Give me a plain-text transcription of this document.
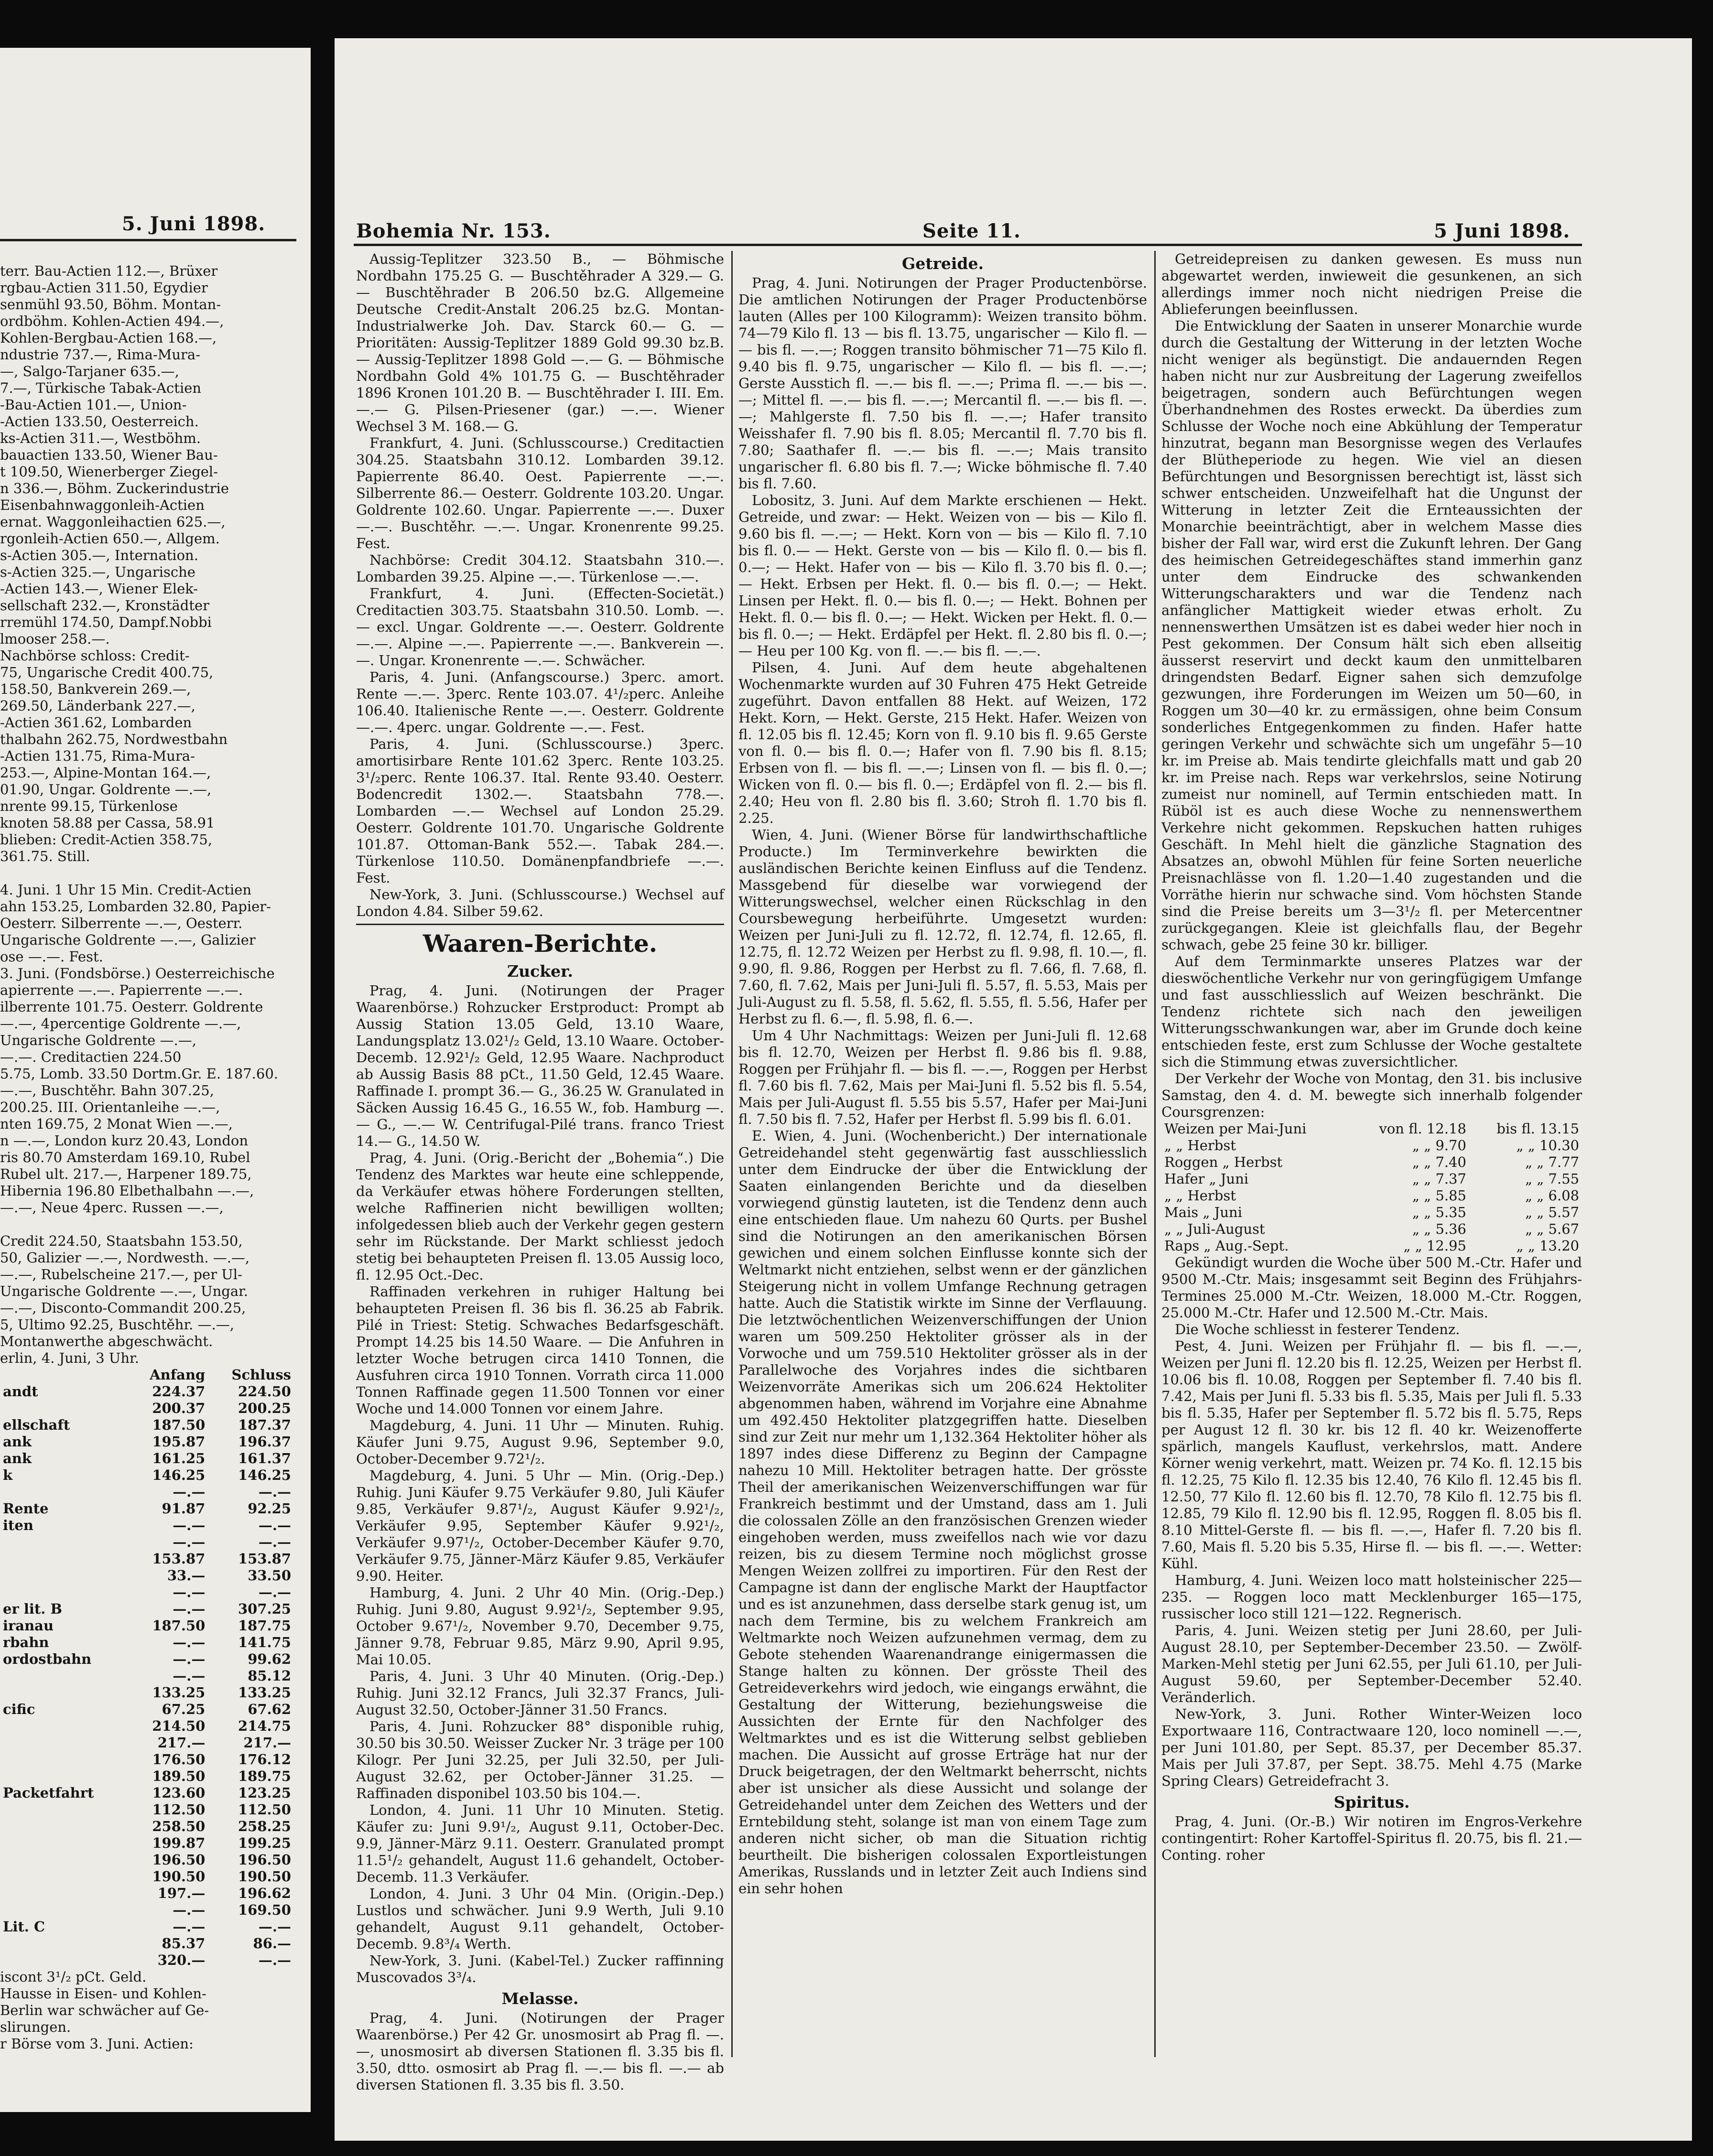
5. Juni 1898.
terr. Bau-Actien 112.—, Brüxer
rgbau-Actien 311.50, Egydier
senmühl 93.50, Böhm. Montan-
ordböhm. Kohlen-Actien 494.—,
Kohlen-Bergbau-Actien 168.—,
ndustrie 737.—, Rima-Mura-
—, Salgo-Tarjaner 635.—,
7.—, Türkische Tabak-Actien
-Bau-Actien 101.—, Union-
-Actien 133.50, Oesterreich.
ks-Actien 311.—, Westböhm.
bauactien 133.50, Wiener Bau-
t 109.50, Wienerberger Ziegel-
n 336.—, Böhm. Zuckerindustrie
Eisenbahnwaggonleih-Actien
ernat. Waggonleihactien 625.—,
rgonleih-Actien 650.—, Allgem.
s-Actien 305.—, Internation.
s-Actien 325.—, Ungarische
-Actien 143.—, Wiener Elek-
sellschaft 232.—, Kronstädter
rremühl 174.50, Dampf.Nobbi
lmooser 258.—.
Nachbörse schloss: Credit-
75, Ungarische Credit 400.75,
158.50, Bankverein 269.—,
269.50, Länderbank 227.—,
-Actien 361.62, Lombarden
thalbahn 262.75, Nordwestbahn
-Actien 131.75, Rima-Mura-
253.—, Alpine-Montan 164.—,
01.90, Ungar. Goldrente —.—,
nrente 99.15, Türkenlose
knoten 58.88 per Cassa, 58.91
blieben: Credit-Actien 358.75,
361.75. Still.

4. Juni. 1 Uhr 15 Min. Credit-Actien
ahn 153.25, Lombarden 32.80, Papier-
Oesterr. Silberrente —.—, Oesterr.
Ungarische Goldrente —.—, Galizier
ose —.—. Fest.
3. Juni. (Fondsbörse.) Oesterreichische
apierrente —.—. Papierrente —.—.
ilberrente 101.75. Oesterr. Goldrente
—.—, 4percentige Goldrente —.—,
Ungarische Goldrente —.—,
—.—. Creditactien 224.50
5.75, Lomb. 33.50 Dortm.Gr. E. 187.60.
—.—, Buschtěhr. Bahn 307.25,
200.25. III. Orientanleihe —.—,
nten 169.75, 2 Monat Wien —.—,
n —.—, London kurz 20.43, London
ris 80.70 Amsterdam 169.10, Rubel
Rubel ult. 217.—, Harpener 189.75,
Hibernia 196.80 Elbethalbahn —.—,
—.—, Neue 4perc. Russen —.—,

Credit 224.50, Staatsbahn 153.50,
50, Galizier —.—, Nordwesth. —.—,
—.—, Rubelscheine 217.—, per Ul-
Ungarische Goldrente —.—, Ungar.
—.—, Disconto-Commandit 200.25,
5, Ultimo 92.25, Buschtěhr. —.—,
Montanwerthe abgeschwächt.
erlin, 4. Juni, 3 Uhr.
	Anfang	Schluss
andt	224.37	224.50
	200.37	200.25
ellschaft	187.50	187.37
ank	195.87	196.37
ank	161.25	161.37
k	146.25	146.25
	—.—	—.—
Rente	91.87	92.25
iten	—.—	—.—
	—.—	—.—
	153.87	153.87
	33.—	33.50
	—.—	—.—
er lit. B	—.—	307.25
iranau	187.50	187.75
rbahn	—.—	141.75
ordostbahn	—.—	99.62
	—.—	85.12
	133.25	133.25
cific	67.25	67.62
	214.50	214.75
	217.—	217.—
	176.50	176.12
	189.50	189.75
Packetfahrt	123.60	123.25
	112.50	112.50
	258.50	258.25
	199.87	199.25
	196.50	196.50
	190.50	190.50
	197.—	196.62
	—.—	169.50
Lit. C	—.—	—.—
	85.37	86.—
	320.—	—.—
iscont 3¹/₂ pCt. Geld.
Hausse in Eisen- und Kohlen-
Berlin war schwächer auf Ge-
slirungen.
r Börse vom 3. Juni. Actien:
Bohemia Nr. 153.	Seite 11.	5 Juni 1898.

Aussig-Teplitzer 323.50 B., — Böhmische Nordbahn 175.25 G. — Buschtěhrader A 329.— G. — Buschtěhrader B 206.50 bz.G. Allgemeine Deutsche Credit-Anstalt 206.25 bz.G. Montan-Industrialwerke Joh. Dav. Starck 60.— G. — Prioritäten: Aussig-Teplitzer 1889 Gold 99.30 bz.B. — Aussig-Teplitzer 1898 Gold —.— G. — Böhmische Nordbahn Gold 4% 101.75 G. — Buschtěhrader 1896 Kronen 101.20 B. — Buschtěhrader I. III. Em. —.— G. Pilsen-Priesener (gar.) —.—. Wiener Wechsel 3 M. 168.— G.

Frankfurt, 4. Juni. (Schlusscourse.) Creditactien 304.25. Staatsbahn 310.12. Lombarden 39.12. Papierrente 86.40. Oest. Papierrente —.—. Silberrente 86.— Oesterr. Goldrente 103.20. Ungar. Goldrente 102.60. Ungar. Papierrente —.—. Duxer —.—. Buschtěhr. —.—. Ungar. Kronenrente 99.25. Fest.

Nachbörse: Credit 304.12. Staatsbahn 310.—. Lombarden 39.25. Alpine —.—. Türkenlose —.—.

Frankfurt, 4. Juni. (Effecten-Societät.) Creditactien 303.75. Staatsbahn 310.50. Lomb. —.— excl. Ungar. Goldrente —.—. Oesterr. Goldrente —.—. Alpine —.—. Papierrente —.—. Bankverein —.—. Ungar. Kronenrente —.—. Schwächer.

Paris, 4. Juni. (Anfangscourse.) 3perc. amort. Rente —.—. 3perc. Rente 103.07. 4¹/₂perc. Anleihe 106.40. Italienische Rente —.—. Oesterr. Goldrente —.—. 4perc. ungar. Goldrente —.—. Fest.

Paris, 4. Juni. (Schlusscourse.) 3perc. amortisirbare Rente 101.62 3perc. Rente 103.25. 3¹/₂perc. Rente 106.37. Ital. Rente 93.40. Oesterr. Bodencredit 1302.—. Staatsbahn 778.—. Lombarden —.— Wechsel auf London 25.29. Oesterr. Goldrente 101.70. Ungarische Goldrente 101.87. Ottoman-Bank 552.—. Tabak 284.—. Türkenlose 110.50. Domänenpfandbriefe —.—. Fest.

New-York, 3. Juni. (Schlusscourse.) Wechsel auf London 4.84. Silber 59.62.

Waaren-Berichte.
Zucker.

Prag, 4. Juni. (Notirungen der Prager Waarenbörse.) Rohzucker Erstproduct: Prompt ab Aussig Station 13.05 Geld, 13.10 Waare, Landungsplatz 13.02¹/₂ Geld, 13.10 Waare. October-Decemb. 12.92¹/₂ Geld, 12.95 Waare. Nachproduct ab Aussig Basis 88 pCt., 11.50 Geld, 12.45 Waare. Raffinade I. prompt 36.— G., 36.25 W. Granulated in Säcken Aussig 16.45 G., 16.55 W., fob. Hamburg —.— G., —.— W. Centrifugal-Pilé trans. franco Triest 14.— G., 14.50 W.

Prag, 4. Juni. (Orig.-Bericht der „Bohemia“.) Die Tendenz des Marktes war heute eine schleppende, da Verkäufer etwas höhere Forderungen stellten, welche Raffinerien nicht bewilligen wollten; infolgedessen blieb auch der Verkehr gegen gestern sehr im Rückstande. Der Markt schliesst jedoch stetig bei behaupteten Preisen fl. 13.05 Aussig loco, fl. 12.95 Oct.-Dec.

Raffinaden verkehren in ruhiger Haltung bei behaupteten Preisen fl. 36 bis fl. 36.25 ab Fabrik. Pilé in Triest: Stetig. Schwaches Bedarfsgeschäft. Prompt 14.25 bis 14.50 Waare. — Die Anfuhren in letzter Woche betrugen circa 1410 Tonnen, die Ausfuhren circa 1910 Tonnen. Vorrath circa 11.000 Tonnen Raffinade gegen 11.500 Tonnen vor einer Woche und 14.000 Tonnen vor einem Jahre.

Magdeburg, 4. Juni. 11 Uhr — Minuten. Ruhig. Käufer Juni 9.75, August 9.96, September 9.0, October-December 9.72¹/₂.

Magdeburg, 4. Juni. 5 Uhr — Min. (Orig.-Dep.) Ruhig. Juni Käufer 9.75 Verkäufer 9.80, Juli Käufer 9.85, Verkäufer 9.87¹/₂, August Käufer 9.92¹/₂, Verkäufer 9.95, September Käufer 9.92¹/₂, Verkäufer 9.97¹/₂, October-December Käufer 9.70, Verkäufer 9.75, Jänner-März Käufer 9.85, Verkäufer 9.90. Heiter.

Hamburg, 4. Juni. 2 Uhr 40 Min. (Orig.-Dep.) Ruhig. Juni 9.80, August 9.92¹/₂, September 9.95, October 9.67¹/₂, November 9.70, December 9.75, Jänner 9.78, Februar 9.85, März 9.90, April 9.95, Mai 10.05.

Paris, 4. Juni. 3 Uhr 40 Minuten. (Orig.-Dep.) Ruhig. Juni 32.12 Francs, Juli 32.37 Francs, Juli-August 32.50, October-Jänner 31.50 Francs.

Paris, 4. Juni. Rohzucker 88° disponible ruhig, 30.50 bis 30.50. Weisser Zucker Nr. 3 träge per 100 Kilogr. Per Juni 32.25, per Juli 32.50, per Juli-August 32.62, per October-Jänner 31.25. — Raffinaden disponibel 103.50 bis 104.—.

London, 4. Juni. 11 Uhr 10 Minuten. Stetig. Käufer zu: Juni 9.9¹/₂, August 9.11, October-Dec. 9.9, Jänner-März 9.11. Oesterr. Granulated prompt 11.5¹/₂ gehandelt, August 11.6 gehandelt, October-Decemb. 11.3 Verkäufer.

London, 4. Juni. 3 Uhr 04 Min. (Origin.-Dep.) Lustlos und schwächer. Juni 9.9 Werth, Juli 9.10 gehandelt, August 9.11 gehandelt, October-Decemb. 9.8³/₄ Werth.

New-York, 3. Juni. (Kabel-Tel.) Zucker raffinning Muscovados 3³/₄.

Melasse.

Prag, 4. Juni. (Notirungen der Prager Waarenbörse.) Per 42 Gr. unosmosirt ab Prag fl. —.—, unosmosirt ab diversen Stationen fl. 3.35 bis fl. 3.50, dtto. osmosirt ab Prag fl. —.— bis fl. —.— ab diversen Stationen fl. 3.35 bis fl. 3.50.

Getreide.

Prag, 4. Juni. Notirungen der Prager Productenbörse. Die amtlichen Notirungen der Prager Productenbörse lauten (Alles per 100 Kilogramm): Weizen transito böhm. 74—79 Kilo fl. 13 — bis fl. 13.75, ungarischer — Kilo fl. — — bis fl. —.—; Roggen transito böhmischer 71—75 Kilo fl. 9.40 bis fl. 9.75, ungarischer — Kilo fl. — bis fl. —.—; Gerste Ausstich fl. —.— bis fl. —.—; Prima fl. —.— bis —.—; Mittel fl. —.— bis fl. —.—; Mercantil fl. —.— bis fl. —.—; Mahlgerste fl. 7.50 bis fl. —.—; Hafer transito Weisshafer fl. 7.90 bis fl. 8.05; Mercantil fl. 7.70 bis fl. 7.80; Saathafer fl. —.— bis fl. —.—; Mais transito ungarischer fl. 6.80 bis fl. 7.—; Wicke böhmische fl. 7.40 bis fl. 7.60.

Lobositz, 3. Juni. Auf dem Markte erschienen — Hekt. Getreide, und zwar: — Hekt. Weizen von — bis — Kilo fl. 9.60 bis fl. —.—; — Hekt. Korn von — bis — Kilo fl. 7.10 bis fl. 0.— — Hekt. Gerste von — bis — Kilo fl. 0.— bis fl. 0.—; — Hekt. Hafer von — bis — Kilo fl. 3.70 bis fl. 0.—; — Hekt. Erbsen per Hekt. fl. 0.— bis fl. 0.—; — Hekt. Linsen per Hekt. fl. 0.— bis fl. 0.—; — Hekt. Bohnen per Hekt. fl. 0.— bis fl. 0.—; — Hekt. Wicken per Hekt. fl. 0.— bis fl. 0.—; — Hekt. Erdäpfel per Hekt. fl. 2.80 bis fl. 0.—; — Heu per 100 Kg. von fl. —.— bis fl. —.—.

Pilsen, 4. Juni. Auf dem heute abgehaltenen Wochenmarkte wurden auf 30 Fuhren 475 Hekt Getreide zugeführt. Davon entfallen 88 Hekt. auf Weizen, 172 Hekt. Korn, — Hekt. Gerste, 215 Hekt. Hafer. Weizen von fl. 12.05 bis fl. 12.45; Korn von fl. 9.10 bis fl. 9.65 Gerste von fl. 0.— bis fl. 0.—; Hafer von fl. 7.90 bis fl. 8.15; Erbsen von fl. — bis fl. —.—; Linsen von fl. — bis fl. 0.—; Wicken von fl. 0.— bis fl. 0.—; Erdäpfel von fl. 2.— bis fl. 2.40; Heu von fl. 2.80 bis fl. 3.60; Stroh fl. 1.70 bis fl. 2.25.

Wien, 4. Juni. (Wiener Börse für landwirthschaftliche Producte.) Im Terminverkehre bewirkten die ausländischen Berichte keinen Einfluss auf die Tendenz. Massgebend für dieselbe war vorwiegend der Witterungswechsel, welcher einen Rückschlag in den Coursbewegung herbeiführte. Umgesetzt wurden: Weizen per Juni-Juli zu fl. 12.72, fl. 12.74, fl. 12.65, fl. 12.75, fl. 12.72 Weizen per Herbst zu fl. 9.98, fl. 10.—, fl. 9.90, fl. 9.86, Roggen per Herbst zu fl. 7.66, fl. 7.68, fl. 7.60, fl. 7.62, Mais per Juni-Juli fl. 5.57, fl. 5.53, Mais per Juli-August zu fl. 5.58, fl. 5.62, fl. 5.55, fl. 5.56, Hafer per Herbst zu fl. 6.—, fl. 5.98, fl. 6.—.

Um 4 Uhr Nachmittags: Weizen per Juni-Juli fl. 12.68 bis fl. 12.70, Weizen per Herbst fl. 9.86 bis fl. 9.88, Roggen per Frühjahr fl. — bis fl. —.—, Roggen per Herbst fl. 7.60 bis fl. 7.62, Mais per Mai-Juni fl. 5.52 bis fl. 5.54, Mais per Juli-August fl. 5.55 bis 5.57, Hafer per Mai-Juni fl. 7.50 bis fl. 7.52, Hafer per Herbst fl. 5.99 bis fl. 6.01.

E. Wien, 4. Juni. (Wochenbericht.) Der internationale Getreidehandel steht gegenwärtig fast ausschliesslich unter dem Eindrucke der über die Entwicklung der Saaten einlangenden Berichte und da dieselben vorwiegend günstig lauteten, ist die Tendenz denn auch eine entschieden flaue. Um nahezu 60 Qurts. per Bushel sind die Notirungen an den amerikanischen Börsen gewichen und einem solchen Einflusse konnte sich der Weltmarkt nicht entziehen, selbst wenn er der gänzlichen Steigerung nicht in vollem Umfange Rechnung getragen hatte. Auch die Statistik wirkte im Sinne der Verflauung. Die letztwöchentlichen Weizenverschiffungen der Union waren um 509.250 Hektoliter grösser als in der Vorwoche und um 759.510 Hektoliter grösser als in der Parallelwoche des Vorjahres indes die sichtbaren Weizenvorräte Amerikas sich um 206.624 Hektoliter abgenommen haben, während im Vorjahre eine Abnahme um 492.450 Hektoliter platzgegriffen hatte. Dieselben sind zur Zeit nur mehr um 1,132.364 Hektoliter höher als 1897 indes diese Differenz zu Beginn der Campagne nahezu 10 Mill. Hektoliter betragen hatte. Der grösste Theil der amerikanischen Weizenverschiffungen war für Frankreich bestimmt und der Umstand, dass am 1. Juli die colossalen Zölle an den französischen Grenzen wieder eingehoben werden, muss zweifellos nach wie vor dazu reizen, bis zu diesem Termine noch möglichst grosse Mengen Weizen zollfrei zu importiren. Für den Rest der Campagne ist dann der englische Markt der Hauptfactor und es ist anzunehmen, dass derselbe stark genug ist, um nach dem Termine, bis zu welchem Frankreich am Weltmarkte noch Weizen aufzunehmen vermag, dem zu Gebote stehenden Waarenandrange einigermassen die Stange halten zu können. Der grösste Theil des Getreideverkehrs wird jedoch, wie eingangs erwähnt, die Gestaltung der Witterung, beziehungsweise die Aussichten der Ernte für den Nachfolger des Weltmarktes und es ist die Witterung selbst geblieben machen. Die Aussicht auf grosse Erträge hat nur der Druck beigetragen, der den Weltmarkt beherrscht, nichts aber ist unsicher als diese Aussicht und solange der Getreidehandel unter dem Zeichen des Wetters und der Erntebildung steht, solange ist man von einem Tage zum anderen nicht sicher, ob man die Situation richtig beurtheilt. Die bisherigen colossalen Exportleistungen Amerikas, Russlands und in letzter Zeit auch Indiens sind ein sehr hohen

Getreidepreisen zu danken gewesen. Es muss nun abgewartet werden, inwieweit die gesunkenen, an sich allerdings immer noch nicht niedrigen Preise die Ablieferungen beeinflussen.

Die Entwicklung der Saaten in unserer Monarchie wurde durch die Gestaltung der Witterung in der letzten Woche nicht weniger als begünstigt. Die andauernden Regen haben nicht nur zur Ausbreitung der Lagerung zweifellos beigetragen, sondern auch Befürchtungen wegen Überhandnehmen des Rostes erweckt. Da überdies zum Schlusse der Woche noch eine Abkühlung der Temperatur hinzutrat, begann man Besorgnisse wegen des Verlaufes der Blütheperiode zu hegen. Wie viel an diesen Befürchtungen und Besorgnissen berechtigt ist, lässt sich schwer entscheiden. Unzweifelhaft hat die Ungunst der Witterung in letzter Zeit die Ernteaussichten der Monarchie beeinträchtigt, aber in welchem Masse dies bisher der Fall war, wird erst die Zukunft lehren. Der Gang des heimischen Getreidegeschäftes stand immerhin ganz unter dem Eindrucke des schwankenden Witterungscharakters und war die Tendenz nach anfänglicher Mattigkeit wieder etwas erholt. Zu nennenswerthen Umsätzen ist es dabei weder hier noch in Pest gekommen. Der Consum hält sich eben allseitig äusserst reservirt und deckt kaum den unmittelbaren dringendsten Bedarf. Eigner sahen sich demzufolge gezwungen, ihre Forderungen im Weizen um 50—60, in Roggen um 30—40 kr. zu ermässigen, ohne beim Consum sonderliches Entgegenkommen zu finden. Hafer hatte geringen Verkehr und schwächte sich um ungefähr 5—10 kr. im Preise ab. Mais tendirte gleichfalls matt und gab 20 kr. im Preise nach. Reps war verkehrslos, seine Notirung zumeist nur nominell, auf Termin entschieden matt. In Rüböl ist es auch diese Woche zu nennenswerthem Verkehre nicht gekommen. Repskuchen hatten ruhiges Geschäft. In Mehl hielt die gänzliche Stagnation des Absatzes an, obwohl Mühlen für feine Sorten neuerliche Preisnachlässe von fl. 1.20—1.40 zugestanden und die Vorräthe hierin nur schwache sind. Vom höchsten Stande sind die Preise bereits um 3—3¹/₂ fl. per Metercentner zurückgegangen. Kleie ist gleichfalls flau, der Begehr schwach, gebe 25 feine 30 kr. billiger.

Auf dem Terminmarkte unseres Platzes war der dieswöchentliche Verkehr nur von geringfügigem Umfange und fast ausschliesslich auf Weizen beschränkt. Die Tendenz richtete sich nach den jeweiligen Witterungsschwankungen war, aber im Grunde doch keine entschieden feste, erst zum Schlusse der Woche gestaltete sich die Stimmung etwas zuversichtlicher.

Der Verkehr der Woche von Montag, den 31. bis inclusive Samstag, den 4. d. M. bewegte sich innerhalb folgender Coursgrenzen:

Weizen per Mai-Juni	von fl. 12.18	bis fl. 13.15
„ „ Herbst	„ „ 9.70	„ „ 10.30
Roggen „ Herbst	„ „ 7.40	„ „ 7.77
Hafer „ Juni	„ „ 7.37	„ „ 7.55
„ „ Herbst	„ „ 5.85	„ „ 6.08
Mais „ Juni	„ „ 5.35	„ „ 5.57
„ „ Juli-August	„ „ 5.36	„ „ 5.67
Raps „ Aug.-Sept.	„ „ 12.95	„ „ 13.20

Gekündigt wurden die Woche über 500 M.-Ctr. Hafer und 9500 M.-Ctr. Mais; insgesammt seit Beginn des Frühjahrs-Termines 25.000 M.-Ctr. Weizen, 18.000 M.-Ctr. Roggen, 25.000 M.-Ctr. Hafer und 12.500 M.-Ctr. Mais.

Die Woche schliesst in festerer Tendenz.

Pest, 4. Juni. Weizen per Frühjahr fl. — bis fl. —.—, Weizen per Juni fl. 12.20 bis fl. 12.25, Weizen per Herbst fl. 10.06 bis fl. 10.08, Roggen per September fl. 7.40 bis fl. 7.42, Mais per Juni fl. 5.33 bis fl. 5.35, Mais per Juli fl. 5.33 bis fl. 5.35, Hafer per September fl. 5.72 bis fl. 5.75, Reps per August 12 fl. 30 kr. bis 12 fl. 40 kr. Weizenofferte spärlich, mangels Kauflust, verkehrslos, matt. Andere Körner wenig verkehrt, matt. Weizen pr. 74 Ko. fl. 12.15 bis fl. 12.25, 75 Kilo fl. 12.35 bis 12.40, 76 Kilo fl. 12.45 bis fl. 12.50, 77 Kilo fl. 12.60 bis fl. 12.70, 78 Kilo fl. 12.75 bis fl. 12.85, 79 Kilo fl. 12.90 bis fl. 12.95, Roggen fl. 8.05 bis fl. 8.10 Mittel-Gerste fl. — bis fl. —.—, Hafer fl. 7.20 bis fl. 7.60, Mais fl. 5.20 bis 5.35, Hirse fl. — bis fl. —.—. Wetter: Kühl.

Hamburg, 4. Juni. Weizen loco matt holsteinischer 225—235. — Roggen loco matt Mecklenburger 165—175, russischer loco still 121—122. Regnerisch.

Paris, 4. Juni. Weizen stetig per Juni 28.60, per Juli-August 28.10, per September-December 23.50. — Zwölf-Marken-Mehl stetig per Juni 62.55, per Juli 61.10, per Juli-August 59.60, per September-December 52.40. Veränderlich.

New-York, 3. Juni. Rother Winter-Weizen loco Exportwaare 116, Contractwaare 120, loco nominell —.—, per Juni 101.80, per Sept. 85.37, per December 85.37. Mais per Juli 37.87, per Sept. 38.75. Mehl 4.75 (Marke Spring Clears) Getreidefracht 3.

Spiritus.

Prag, 4. Juni. (Or.-B.) Wir notiren im Engros-Verkehre contingentirt: Roher Kartoffel-Spiritus fl. 20.75, bis fl. 21.— Conting. roher
